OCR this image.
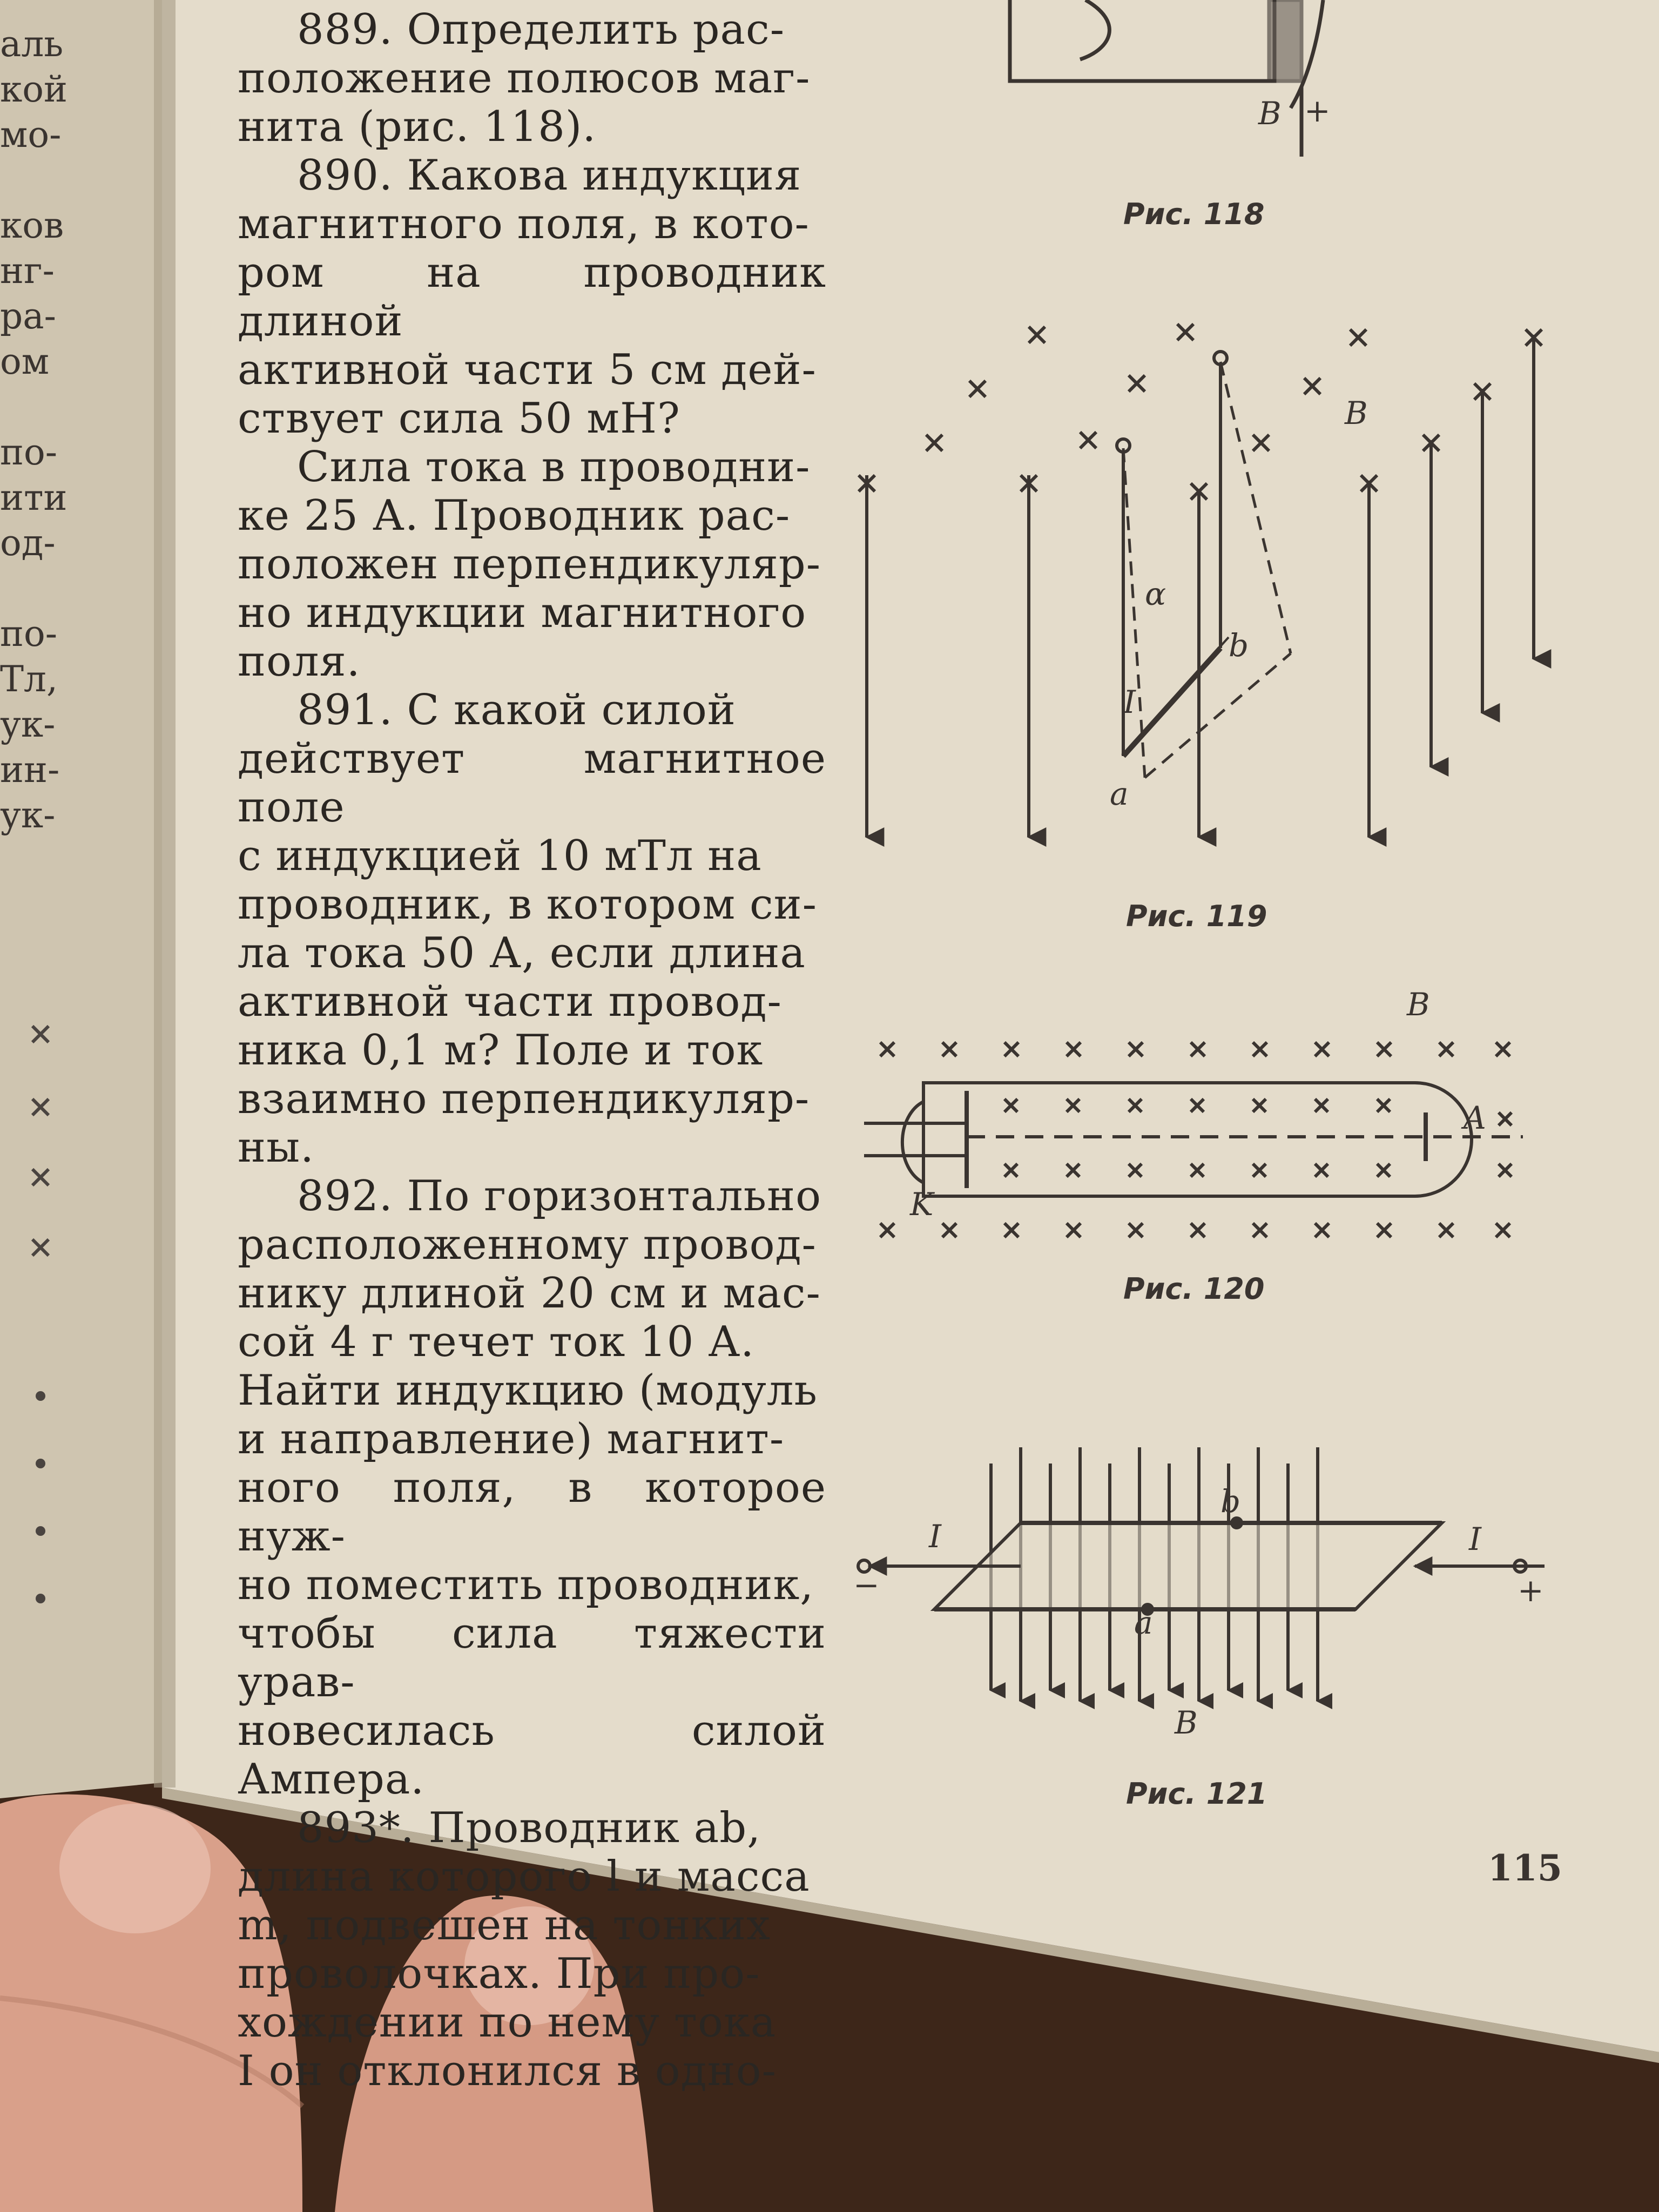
аль
кой
мо-

ков
нг-
ра-
ом

по-
ити
од-

по-
Тл,
ук-
ин-
ук-

889. Определить рас-

положение полюсов маг-

нита (рис. 118).

890. Какова индукция

магнитного поля, в кото-

ром на проводник длиной

активной части 5 см дей-

ствует сила 50 мН?

Сила тока в проводни-

ке 25 А. Проводник рас-

положен перпендикуляр-

но индукции магнитного

поля.

891. С какой силой

действует магнитное поле

с индукцией 10 мТл на

проводник, в котором си-

ла тока 50 А, если длина

активной части провод-

ника 0,1 м? Поле и ток

взаимно перпендикуляр-

ны.

892. По горизонтально

расположенному провод-

нику длиной 20 см и мас-

сой 4 г течет ток 10 А.

Найти индукцию (модуль

и направление) магнит-

ного поля, в которое нуж-

но поместить проводник,

чтобы сила тяжести урав-

новесилась силой Ампера.

893*. Проводник ab,

длина которого l и масса

m, подвешен на тонких

проволочках. При про-

хождении по нему тока

I он отклонился в одно-

B +
Рис. 118
α
I
a
b
B
Рис. 119
B
K
A
Рис. 120
I	I
−	+
b
a
B
Рис. 121
115
